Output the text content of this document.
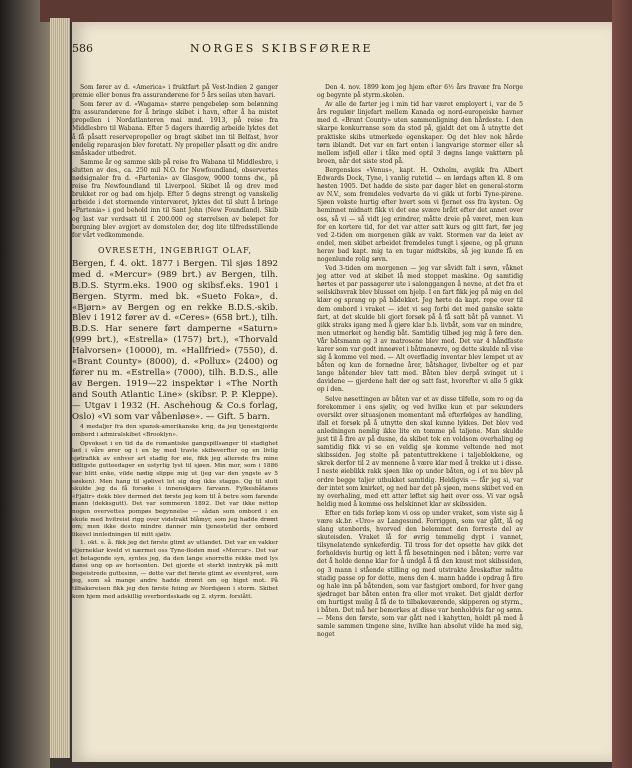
586	NORGES SKIBSFØRERE

Som fører av d. «America» i fruktfart på Vest-Indien 2 ganger premie eller bonus fra assurandørene for 5 års seilas uten havari.

Som fører av d. «Wagama» større pengebeløp som belønning fra assurandørene for å bringe skibet i havn, efter å ha mistet propellen i Nordatlanteren mai mnd. 1913, på reise fra Middlesbro til Wabana. Efter 5 dagers ihærdig arbeide lyktes det å få påsatt reservepropeller og bragt skibet inn til Belfast, hvor endelig reparasjon blev foretatt. Ny propeller påsatt og div. andre småskader utbedret.

Samme år og samme skib på reise fra Wabana til Middlesbro, i slutten av des., ca. 250 mil N.O. for Newfoundland, observertes nødsignaler fra d. «Partenia» av Glasgow, 9000 tonns dw., på reise fra Newfoundland til Liverpool. Skibet lå og drev med brukket ror og bad om hjelp. Efter 5 døgns strengt og vanskelig arbeide i det stormende vinterværet, lyktes det til slutt å bringe «Partenia» i god behold inn til Sant John (New Foundland). Skib og last var verdsatt til £ 200.000 og størrelsen av beløpet for bergning blev avgjort av domstolen der, dog lite tilfredsstillende for vårt vedkommende.

OVRESETH, INGEBRIGT OLAF,
Bergen, f. 4. okt. 1877 i Bergen. Til sjøs 1892 med d. «Mercur» (989 brt.) av Bergen, tilh. B.D.S. Styrm.eks. 1900 og skibsf.eks. 1901 i Bergen. Styrm. med bk. «Sueto Foka», d. «Bjørn» av Bergen og en rekke B.D.S.-skib. Blev i 1912 fører av d. «Ceres» (658 brt.), tilh. B.D.S. Har senere ført damperne «Saturn» (999 brt.), «Estrella» (1757) brt.), «Thorvald Halvorsen» (10000), m. «Hallfried» (7550), d. «Brant County» (8000), d. «Pollux» (2400) og fører nu m. «Estrella» (7000), tilh. B.D.S., alle av Bergen. 1919—22 inspektør i «The North and South Atlantic Line» (skibsr. P. P. Kleppe). — Utgav i 1932 (H. Aschehoug & Co.s forlag, Oslo) «Vi som var våbenløse». — Gift. 5 barn.

4 medaljer fra den spansk-amerikanske krig, da jeg tjenestgjorde ombord i admiralskibet «Brooklyn».

Opvokset i en tid da de romantiske gangspillsanger til stadighet lød i våre ører og i en by med travle skibsverfter og en livlig sjøtrafikk av enhver art stadig for øie, fikk jeg allerede fra mine tidligste gutteedager en ustyrlig lyst til sjøen. Min mor, som i 1886 var blitt enke, vilde nødig slippe mig ut (jeg var den yngste av 5 søsken). Men hang til sjølivet lot sig dog ikke stagge. Og til slutt skulde jeg da få forsøke i innenskjærs farvann. Fylkesbåtanes «Fjalir» dekk blev dermed det første jeg kom til å betre som farende mann (dekksgutt). Det var sommeren 1892. Det var ikke nettop nogen overvettes pompøs begynnelse — sådan som ombord i en skute med hvitreist rigg over vidstrakt blåmyr, som jeg hadde drømt om; men ikke desto mindre danner min tjenestetid der ombord likevel innledningen til mitt sjøliv.

1. okt. s. å. fikk jeg det første glimt av utlandet. Det var en vakker stjerneklar kveld vi nærmet oss Tyne-floden med «Mercur». Det var et betagende syn, syntes jeg, da den lange snorrette rekke med lys dansi ung op av horisonten. Det gjorde et sterkt inntrykk på mitt begeistrede guttesinn, — dette var det første glimt av eventyret, som jeg, som så mange andre hadde drømt om og higet mot. På tilbakereisen fikk jeg den første feiing av Nordsjøen i storm. Skibet kom hjem med adskillig overbordsskade og 2. styrm. forslått.

Den 4. nov. 1899 kom jeg hjem efter 6½ års fravær fra Norge og begynte på styrm.skolen.

Av alle de farter jeg i min tid har været employert i, var de 5 års regulær linjefart mellem Kanada og nord-europeiske havner med d. «Brant County» uten sammenligning den hårdeste. I den skarpe konkurranse som da stod på, gjaldt det om å utnytte det praktiske skibs utmerkede egenskaper. Og det blev nok hårde tørn iblandt. Det var en fart enten i langvarige stormer eller så mellem isfjell eller i tåke med optil 3 døgns lange vakttørn på broen, når det siste stod på.

Bergenskes «Venus», kapt. H. Oxholm, avgikk fra Albert Edwards Dock, Tyne, i vanlig rutetid — en lørdags aften kl. 8 om høsten 1905. Det hadde de siste par dager blet en general-storm av N.V., som fremdeles vedvarte da vi gikk ut forbi Tyne-pirene. Sjøen vokste hurtig efter hvert som vi fjernet oss fra kysten. Og heminnet midnatt fikk vi det ene svære brått efter det annet over oss, så vi — så vidt jeg erindrer, måtte dreie på været, men kun for en kortere tid, for det var atter satt kurs og gitt fart, før jeg ved 2-tiden om morgenen gikk av vakt. Stormen var da løiet av endel, men skibet arbeidet fremdeles tungt i sjøene, og på grunn herav bad kapt. mig ta en tugar midtskibs, så jeg kunde få en nogenlunde rolig søvn.

Ved 3-tiden om morgenen — jeg var såvidt falt i søvn, våknet jeg atter ved at skibet lå med stoppet maskine. Og samtidig hørtes et par passagerer ute i salonggangen å nevne, at det fra et seilskibsvrak blev blusset om hjelp. I en fart fikk jeg på mig en del klær og sprang op på bådekket. Jeg hørte da kapt. rope over til dem ombord i vraket — idet vi seg forbi det med ganske sakte fart, at det skulde bli gjort forsøk på å få satt båt på vannet. Vi gikk straks igang med å gjøre klar b.b. livbåt, som var en mindre, men utmerket og hendig båt. Samtidig tilbød jeg mig å føre den. Vår båtsmann og 3 av matrosene blev med. Det var 4 håndfaste karer som var godt inneøvet i båtmanøvre, og dette skulde nå vise sig å komme vel med. — Alt overfladig inventar blev lempet ut av båten og kun de fornødne årer, båtshager, livbelter og et par lange båtender blev tatt med. Båten blev derpå svinget ut i davidene — gjerdene halt dør og satt fast, hvorefter vi alle 5 gikk op i den.

Selve nøsettingen av båten var et av disse tilfelle, som ro og da forekommer i ens sjøliv, og ved hvilke kun et par sekunders oversikt over situasjonen momentant må efterfølges av handling, ifall et forsøk på å utnytte den skal kunne lykkes. Det blev ved anledningen nemlig ikke lite en tomme på taljene. Man skulde just til å fire av på dusne, da skibet tok en voldsom overhaling og samtidig fikk vi se en veldig sjø komme veltende ned mot skibssiden. Jeg stolte på patentuttrekkene i taljeblokkene, og skrek derfor til 2 av mennene å være klar med å trekke ut i disse. I neste øieblikk rakk sjøen like op under båten, og i et nu blev på ordre begge taljer uthukket samtidig. Heldigvis — får jeg si, var der intet som knirket, og ned bar det på sjøen, mens skibet ved en ny overhaling, med ett atter løftet sig høit over oss. Vi var også heldig med å komme oss helskinnet klar av skibssiden.

Efter en tids forløp kom vi oss op under vraket, som viste sig å være sk.br. «Uro» av Langesund. Forriggen, som var gått, lå og slang utenbords, hvorved den belemmet den forreste del av skuteisden. Vraket lå for øvrig temmelig dypt i vannet, tilsynelatende synkeferdig. Til tross for det opsette hav gikk det forholdsvis hurtig og lett å få besetningen ned i båten; verre var det å holde denne klar for å undgå å få den knust mot skibssiden, og 3 mann i stående stilling og med utstrakte åreskafter måtte stadig passe op for dette, mens den 4. mann hadde i opdrag å fire og hale inn på båtenden, som var fastgjort ombord, for hver gang sjødraget bar båten enten fra eller mot vraket. Det gjaldt derfor om hurtigst mulig å få de to tilbakeværende, skipperen og styrm., i båten. Det må her bemerkes at disse var henholdvis far og sønn. — Mens den første, som var gått ned i kahytten, holdt på med å samle sammen tingene sine, hvilke han absolut vilde ha med sig, noget
